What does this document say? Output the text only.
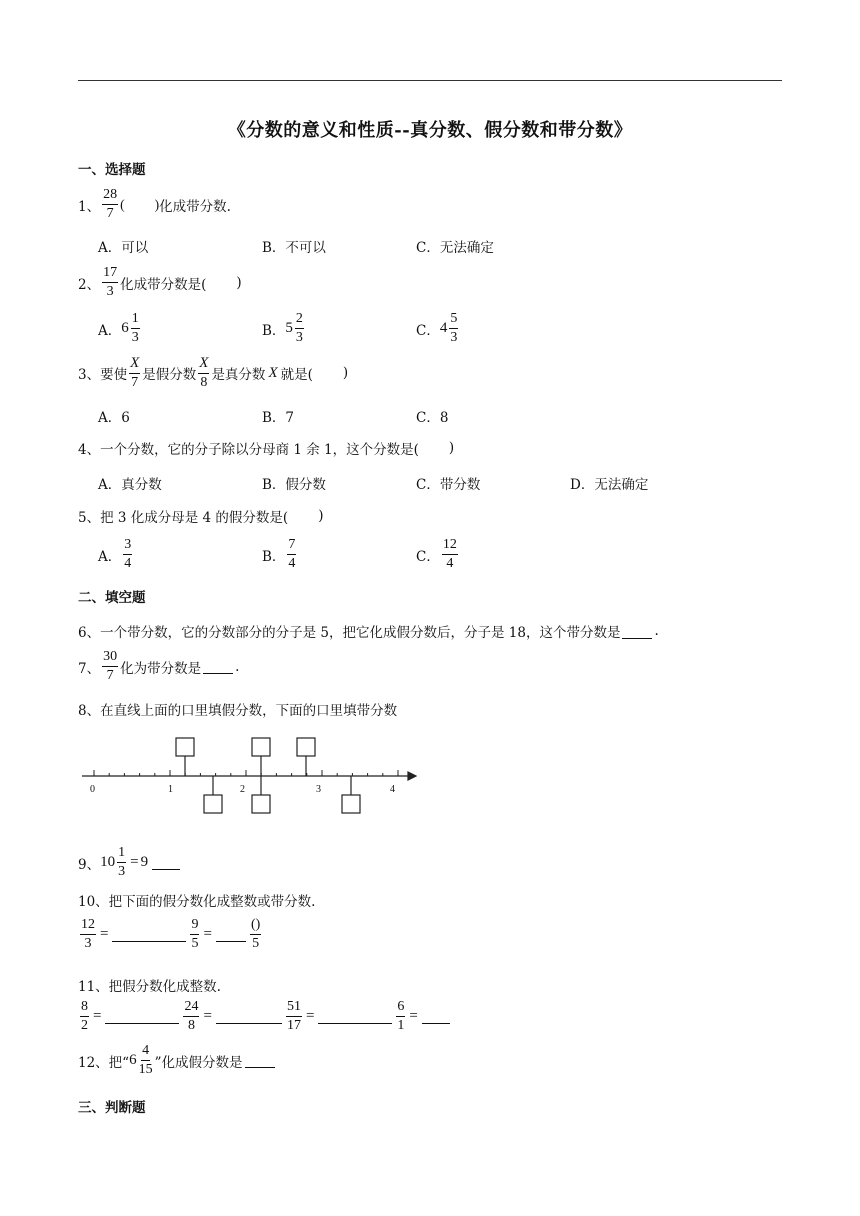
《分数的意义和性质--真分数、假分数和带分数》
一、选择题
1、 $\frac{28}{7}$ ( ) 化成带分数.
A．可以	B．不可以	C．无法确定
2、 $\frac{17}{3}$ 化成带分数是( )
A． $6 \frac{1}{3}$	B． $5 \frac{2}{3}$	C． $4 \frac{5}{3}$
3、 要使 $\frac{X}{7}$ 是假分数 $\frac{X}{8}$ 是真分数 X 就是( )
A．6	B．7	C．8
4、一个分数，它的分子除以分母商 1 余 1，这个分数是( )
A．真分数	B．假分数	C．带分数	D．无法确定
5、把 3 化成分母是 4 的假分数是( )
A． $\frac{3}{4}$	B． $\frac{7}{4}$	C． $\frac{12}{4}$
二、填空题
6、一个带分数，它的分数部分的分子是 5，把它化成假分数后，分子是 18，这个带分数是	.
7、 $\frac{30}{7}$ 化为带分数是	.
8、在直线上面的口里填假分数，下面的口里填带分数
0	1	2	3	4
9、 $10 \frac{1}{3} = 9$
10、把下面的假分数化成整数或带分数.
$\frac{12}{3}$ =	$\frac{9}{5}$ =	$\frac{()}{5}$
11、把假分数化成整数.
$\frac{8}{2}$ =	$\frac{24}{8}$ =	$\frac{51}{17}$ =	$\frac{6}{1}$ =
12、把“ $6 \frac{4}{15}$ ”化成假分数是
三、判断题
